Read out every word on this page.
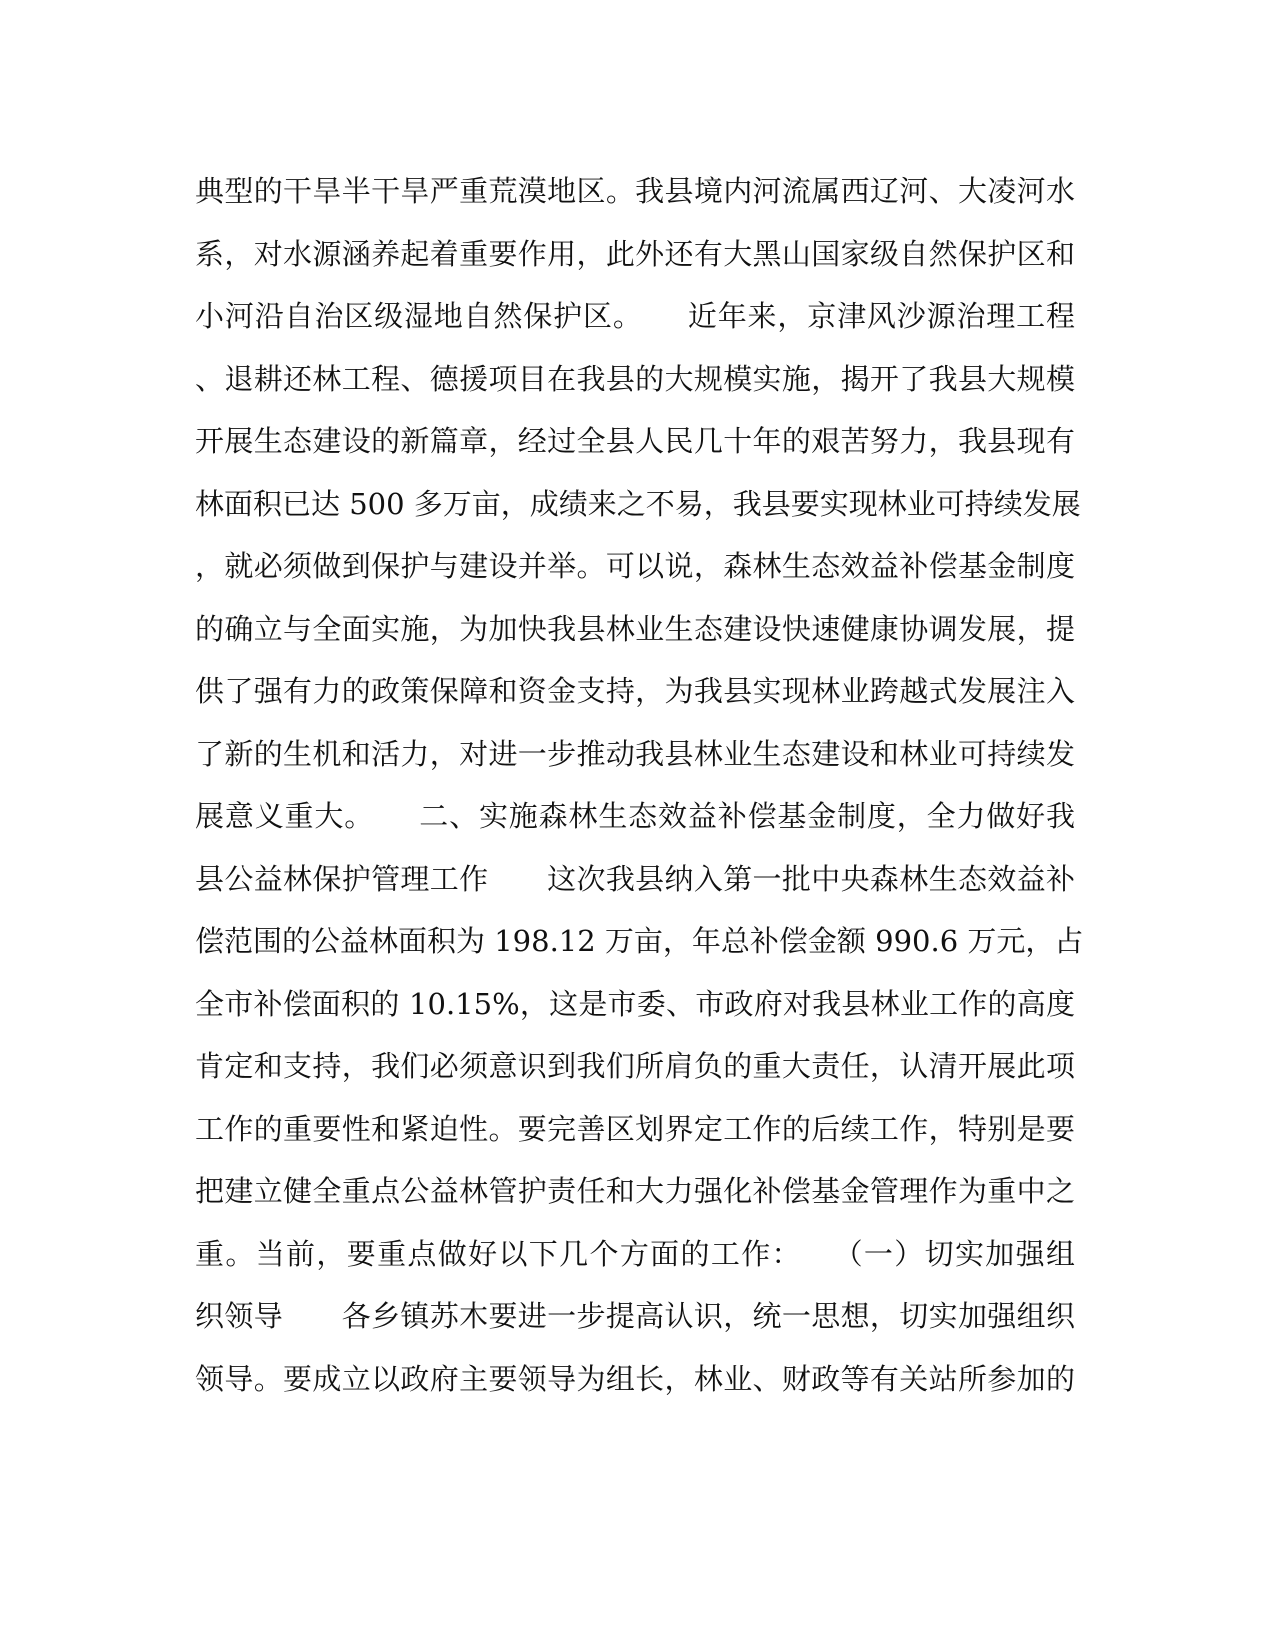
典型的干旱半干旱严重荒漠地区。我县境内河流属西辽河、大凌河水
系，对水源涵养起着重要作用，此外还有大黑山国家级自然保护区和
小河沿自治区级湿地自然保护区。　　近年来，京津风沙源治理工程
、退耕还林工程、德援项目在我县的大规模实施，揭开了我县大规模
开展生态建设的新篇章，经过全县人民几十年的艰苦努力，我县现有
林面积已达 500 多万亩，成绩来之不易，我县要实现林业可持续发展
，就必须做到保护与建设并举。可以说，森林生态效益补偿基金制度
的确立与全面实施，为加快我县林业生态建设快速健康协调发展，提
供了强有力的政策保障和资金支持，为我县实现林业跨越式发展注入
了新的生机和活力，对进一步推动我县林业生态建设和林业可持续发
展意义重大。　　二、实施森林生态效益补偿基金制度，全力做好我
县公益林保护管理工作　　这次我县纳入第一批中央森林生态效益补
偿范围的公益林面积为 198.12 万亩，年总补偿金额 990.6 万元，占
全市补偿面积的 10.15%，这是市委、市政府对我县林业工作的高度
肯定和支持，我们必须意识到我们所肩负的重大责任，认清开展此项
工作的重要性和紧迫性。要完善区划界定工作的后续工作，特别是要
把建立健全重点公益林管护责任和大力强化补偿基金管理作为重中之
重。当前，要重点做好以下几个方面的工作：　　（一）切实加强组
织领导　　各乡镇苏木要进一步提高认识，统一思想，切实加强组织
领导。要成立以政府主要领导为组长，林业、财政等有关站所参加的
